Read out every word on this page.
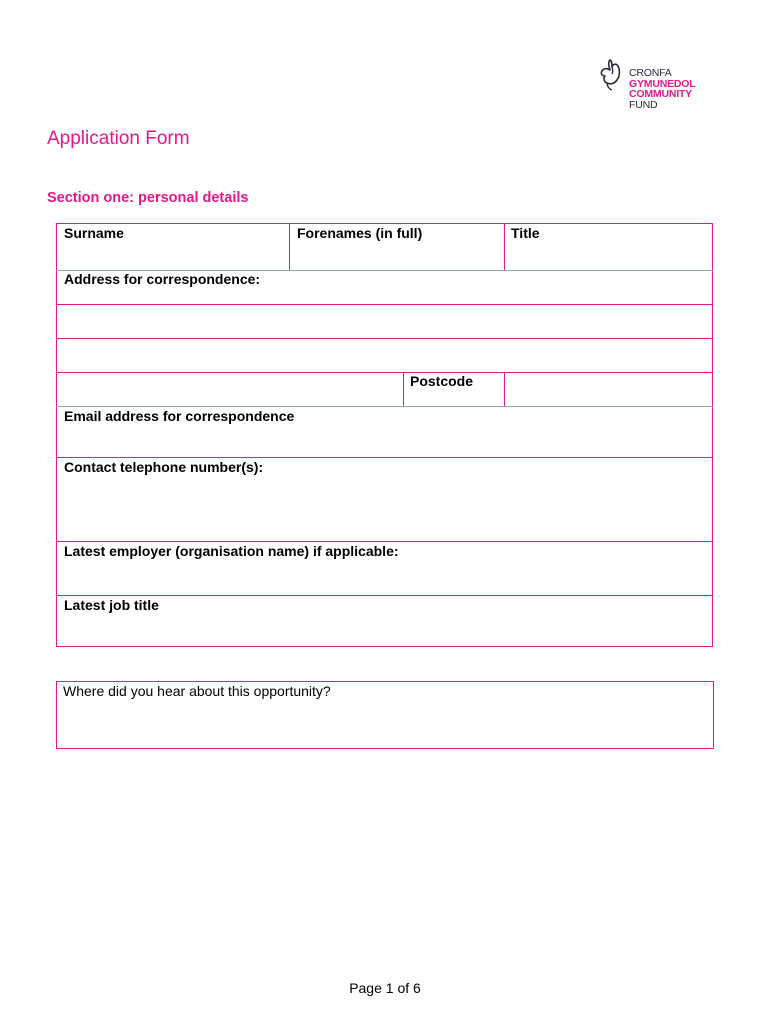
CRONFA
GYMUNEDOL
COMMUNITY
FUND
Application Form
Section one: personal details
Surname	Forenames (in full)	Title
Address for correspondence:
Postcode
Email address for correspondence
Contact telephone number(s):
Latest employer (organisation name) if applicable:
Latest job title
Where did you hear about this opportunity?
Page 1 of 6
